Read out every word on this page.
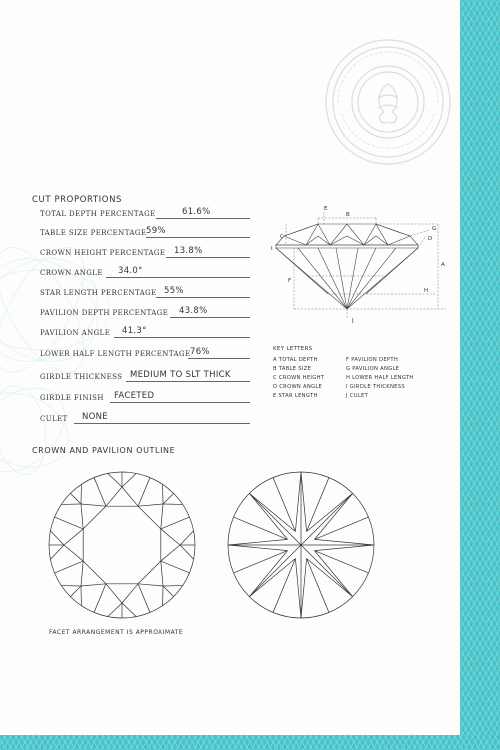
CUT PROPORTIONS
TOTAL DEPTH PERCENTAGE	61.6%
TABLE SIZE PERCENTAGE 59%
CROWN HEIGHT PERCENTAGE 13.8%
CROWN ANGLE 34.0°
STAR LENGTH PERCENTAGE 55%
PAVILION DEPTH PERCENTAGE 43.8%
PAVILION ANGLE 41.3°
LOWER HALF LENGTH PERCENTAGE 76%
GIRDLE THICKNESS MEDIUM TO SLT THICK
GIRDLE FINISH FACETED
CULET NONE
E
B
C
I
F
A
D
G
H
J
KEY LETTERS
A TOTAL DEPTH
B TABLE SIZE
C CROWN HEIGHT
D CROWN ANGLE
E STAR LENGTH
F PAVILION DEPTH
G PAVILION ANGLE
H LOWER HALF LENGTH
I GIRDLE THICKNESS
J CULET
CROWN AND PAVILION OUTLINE
FACET ARRANGEMENT IS APPROXIMATE
